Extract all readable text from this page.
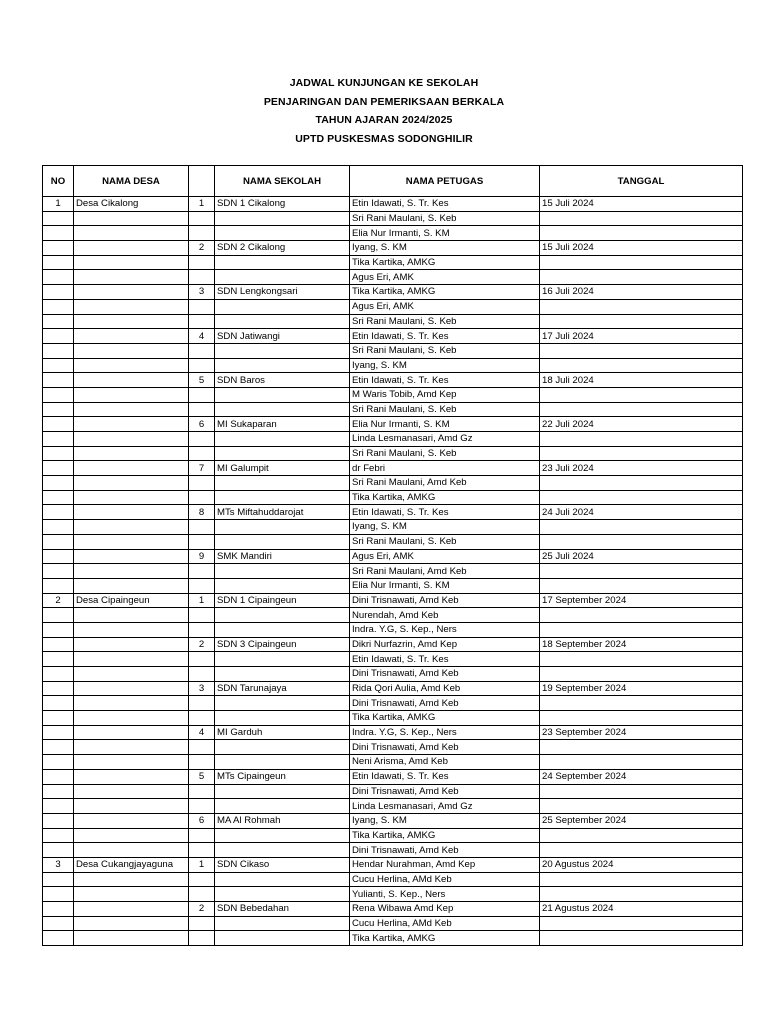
JADWAL KUNJUNGAN KE SEKOLAH
PENJARINGAN DAN PEMERIKSAAN BERKALA
TAHUN AJARAN 2024/2025
UPTD PUSKESMAS SODONGHILIR
NO	NAMA DESA		NAMA SEKOLAH	NAMA PETUGAS	TANGGAL
1	Desa Cikalong	1	SDN 1 Cikalong	Etin Idawati, S. Tr. Kes	15 Juli 2024
				Sri Rani Maulani, S. Keb	
				Elia Nur Irmanti, S. KM	
		2	SDN 2 Cikalong	Iyang, S. KM	15 Juli 2024
				Tika Kartika, AMKG	
				Agus Eri, AMK	
		3	SDN Lengkongsari	Tika Kartika, AMKG	16 Juli 2024
				Agus Eri, AMK	
				Sri Rani Maulani, S. Keb	
		4	SDN Jatiwangi	Etin Idawati, S. Tr. Kes	17 Juli 2024
				Sri Rani Maulani, S. Keb	
				Iyang, S. KM	
		5	SDN Baros	Etin Idawati, S. Tr. Kes	18 Juli 2024
				M Waris Tobib, Amd Kep	
				Sri Rani Maulani, S. Keb	
		6	MI Sukaparan	Elia Nur Irmanti, S. KM	22 Juli 2024
				Linda Lesmanasari, Amd Gz	
				Sri Rani Maulani, S. Keb	
		7	MI Galumpit	dr Febri	23 Juli 2024
				Sri Rani Maulani, Amd Keb	
				Tika Kartika, AMKG	
		8	MTs Miftahuddarojat	Etin Idawati, S. Tr. Kes	24 Juli 2024
				Iyang, S. KM	
				Sri Rani Maulani, S. Keb	
		9	SMK Mandiri	Agus Eri, AMK	25 Juli 2024
				Sri Rani Maulani, Amd Keb	
				Elia Nur Irmanti, S. KM	
2	Desa Cipaingeun	1	SDN 1 Cipaingeun	Dini Trisnawati, Amd Keb	17 September 2024
				Nurendah, Amd Keb	
				Indra. Y.G, S. Kep., Ners	
		2	SDN 3 Cipaingeun	Dikri Nurfazrin, Amd Kep	18 September 2024
				Etin Idawati, S. Tr. Kes	
				Dini Trisnawati, Amd Keb	
		3	SDN Tarunajaya	Rida Qori Aulia, Amd Keb	19 September 2024
				Dini Trisnawati, Amd Keb	
				Tika Kartika, AMKG	
		4	MI Garduh	Indra. Y.G, S. Kep., Ners	23 September 2024
				Dini Trisnawati, Amd Keb	
				Neni Arisma, Amd Keb	
		5	MTs Cipaingeun	Etin Idawati, S. Tr. Kes	24 September 2024
				Dini Trisnawati, Amd Keb	
				Linda Lesmanasari, Amd Gz	
		6	MA Al Rohmah	Iyang, S. KM	25 September 2024
				Tika Kartika, AMKG	
				Dini Trisnawati, Amd Keb	
3	Desa Cukangjayaguna	1	SDN Cikaso	Hendar Nurahman, Amd Kep	20 Agustus 2024
				Cucu Herlina, AMd Keb	
				Yulianti, S. Kep., Ners	
		2	SDN Bebedahan	Rena Wibawa Amd Kep	21 Agustus 2024
				Cucu Herlina, AMd Keb	
				Tika Kartika, AMKG	
